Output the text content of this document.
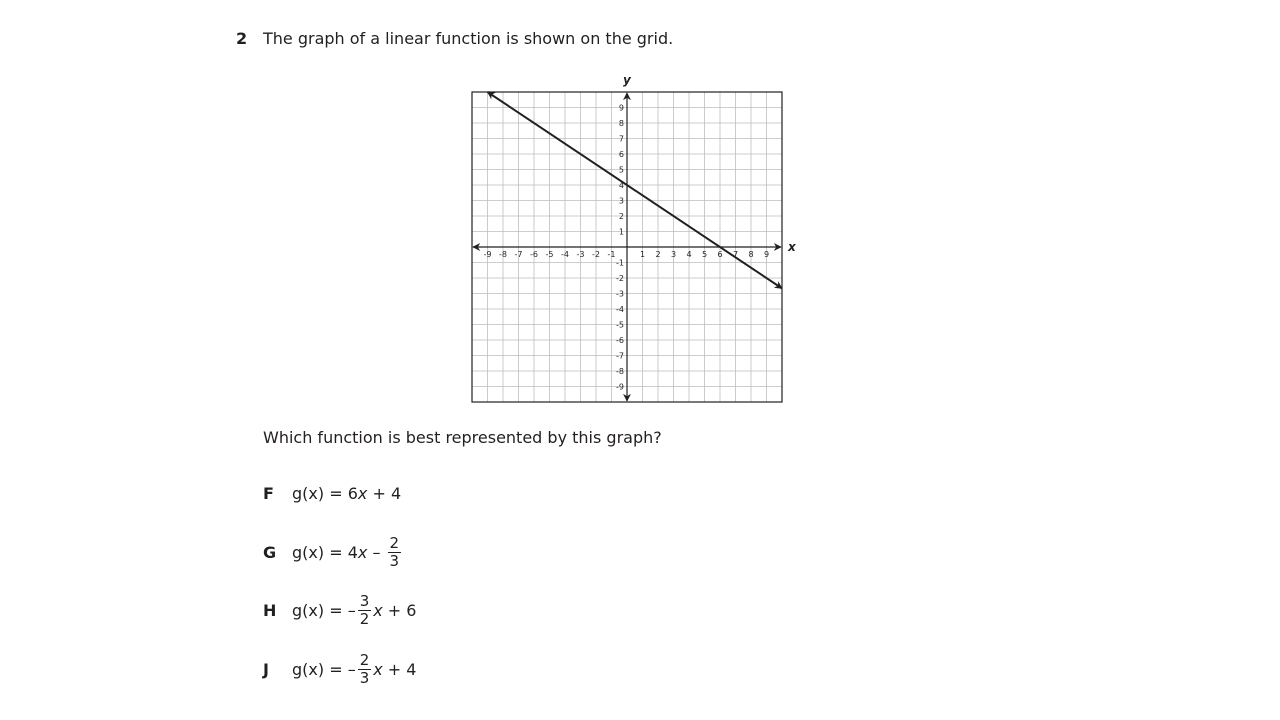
2 The graph of a linear function is shown on the grid.
-9 -8 -7 -6 -5 -4 -3 -2 -1	1 2 3 4 5 6 7 8 9
9
8
7
6
5
4
3
2
1
-1
-2
-3
-4
-5
-6
-7
-8
-9
x
y
Which function is best represented by this graph?
F	g(x) =
6 x + 4
G g(x) =
4 x – $\frac{2}{3}$
H g(x) =
– $\frac{3}{2}$ x + 6
J	g(x) =
– $\frac{2}{3}$ x + 4
